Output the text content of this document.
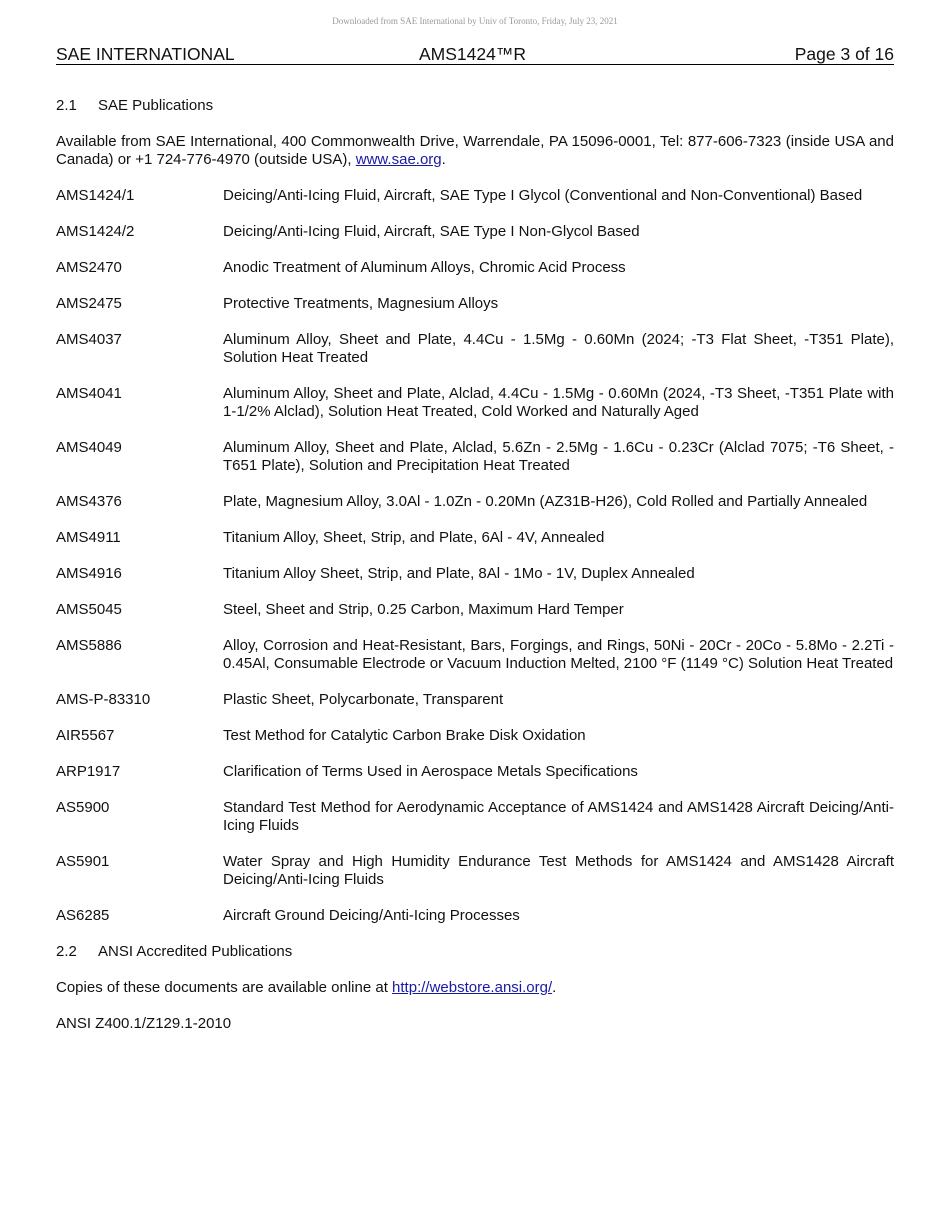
Downloaded from SAE International by Univ of Toronto, Friday, July 23, 2021
SAE INTERNATIONAL	AMS1424™R	Page 3 of 16
2.1 SAE Publications
Available from SAE International, 400 Commonwealth Drive, Warrendale, PA 15096-0001, Tel: 877-606-7323 (inside USA and Canada) or +1 724-776-4970 (outside USA), www.sae.org.
AMS1424/1	Deicing/Anti-Icing Fluid, Aircraft, SAE Type I Glycol (Conventional and Non-Conventional) Based
AMS1424/2	Deicing/Anti-Icing Fluid, Aircraft, SAE Type I Non-Glycol Based
AMS2470	Anodic Treatment of Aluminum Alloys, Chromic Acid Process
AMS2475	Protective Treatments, Magnesium Alloys
AMS4037	Aluminum Alloy, Sheet and Plate, 4.4Cu - 1.5Mg - 0.60Mn (2024; -T3 Flat Sheet, -T351 Plate), Solution Heat Treated
AMS4041	Aluminum Alloy, Sheet and Plate, Alclad, 4.4Cu - 1.5Mg - 0.60Mn (2024, -T3 Sheet, -T351 Plate with 1-1/2% Alclad), Solution Heat Treated, Cold Worked and Naturally Aged
AMS4049	Aluminum Alloy, Sheet and Plate, Alclad, 5.6Zn - 2.5Mg - 1.6Cu - 0.23Cr (Alclad 7075; -T6 Sheet, -T651 Plate), Solution and Precipitation Heat Treated
AMS4376	Plate, Magnesium Alloy, 3.0Al - 1.0Zn - 0.20Mn (AZ31B-H26), Cold Rolled and Partially Annealed
AMS4911	Titanium Alloy, Sheet, Strip, and Plate, 6Al - 4V, Annealed
AMS4916	Titanium Alloy Sheet, Strip, and Plate, 8Al - 1Mo - 1V, Duplex Annealed
AMS5045	Steel, Sheet and Strip, 0.25 Carbon, Maximum Hard Temper
AMS5886	Alloy, Corrosion and Heat-Resistant, Bars, Forgings, and Rings, 50Ni - 20Cr - 20Co - 5.8Mo - 2.2Ti - 0.45Al, Consumable Electrode or Vacuum Induction Melted, 2100 °F (1149 °C) Solution Heat Treated
AMS-P-83310	Plastic Sheet, Polycarbonate, Transparent
AIR5567	Test Method for Catalytic Carbon Brake Disk Oxidation
ARP1917	Clarification of Terms Used in Aerospace Metals Specifications
AS5900	Standard Test Method for Aerodynamic Acceptance of AMS1424 and AMS1428 Aircraft Deicing/Anti-Icing Fluids
AS5901	Water Spray and High Humidity Endurance Test Methods for AMS1424 and AMS1428 Aircraft Deicing/Anti-Icing Fluids
AS6285	Aircraft Ground Deicing/Anti-Icing Processes
2.2 ANSI Accredited Publications
Copies of these documents are available online at http://webstore.ansi.org/.
ANSI Z400.1/Z129.1-2010
